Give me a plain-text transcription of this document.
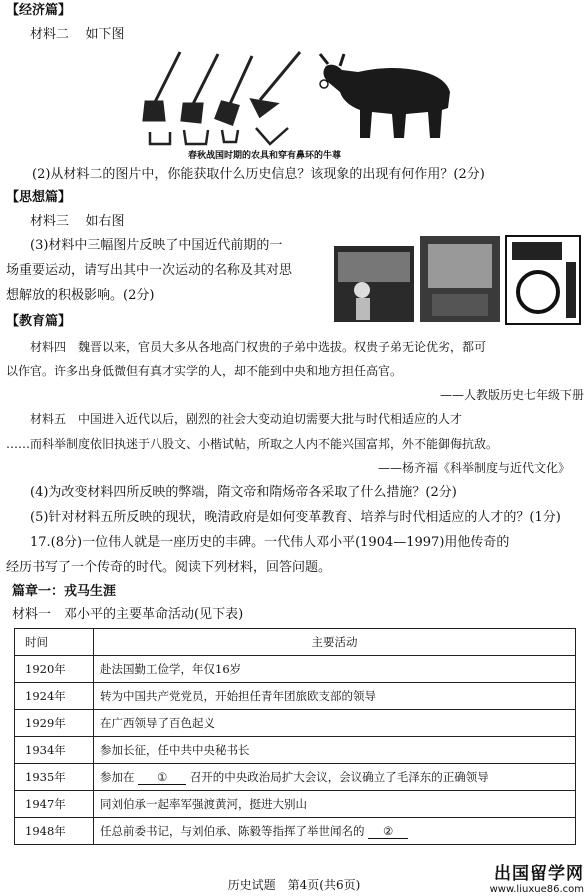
【经济篇】
材料二 如下图
春秋战国时期的农具和穿有鼻环的牛尊
(2)从材料二的图片中，你能获取什么历史信息？该现象的出现有何作用？(2分)
【思想篇】
材料三 如右图
(3)材料中三幅图片反映了中国近代前期的一
场重要运动，请写出其中一次运动的名称及其对思
想解放的积极影响。(2分)
【教育篇】
材料四　魏晋以来，官员大多从各地高门权贵的子弟中选拔。权贵子弟无论优劣，都可
以作官。许多出身低微但有真才实学的人，却不能到中央和地方担任高官。
——人教版历史七年级下册
材料五　中国进入近代以后，剧烈的社会大变动迫切需要大批与时代相适应的人才
……而科举制度依旧执迷于八股文、小楷试帖，所取之人内不能兴国富邦，外不能御侮抗敌。
——杨齐福《科举制度与近代文化》
(4)为改变材料四所反映的弊端，隋文帝和隋炀帝各采取了什么措施？(2分)
(5)针对材料五所反映的现状，晚清政府是如何变革教育、培养与时代相适应的人才的？(1分)
17.(8分)一位伟人就是一座历史的丰碑。一代伟人邓小平(1904—1997)用他传奇的
经历书写了一个传奇的时代。阅读下列材料，回答问题。
篇章一：戎马生涯
材料一　邓小平的主要革命活动(见下表)
时间	主要活动
1920年	赴法国勤工俭学，年仅16岁
1924年	转为中国共产党党员，开始担任青年团旅欧支部的领导
1929年	在广西领导了百色起义
1934年	参加长征，任中共中央秘书长
1935年	参加在 ① 召开的中央政治局扩大会议，会议确立了毛泽东的正确领导
1947年	同刘伯承一起率军强渡黄河，挺进大别山
1948年	任总前委书记，与刘伯承、陈毅等指挥了举世闻名的 ②
历史试题　第4页(共6页)
出国留学网
www.liuxue86.com
